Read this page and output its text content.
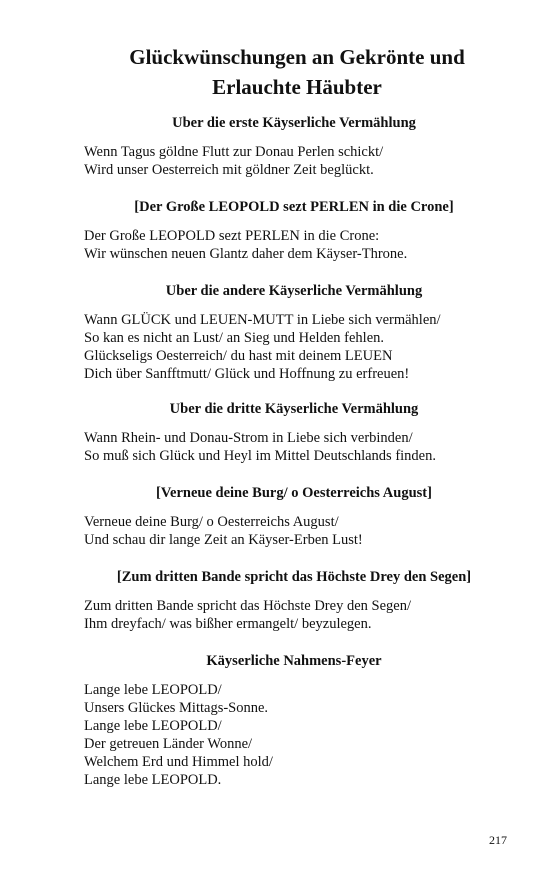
Glückwünschungen an Gekrönte und Erlauchte Häubter
Uber die erste Käyserliche Vermählung
Wenn Tagus göldne Flutt zur Donau Perlen schickt/
Wird unser Oesterreich mit göldner Zeit beglückt.
[Der Große LEOPOLD sezt PERLEN in die Crone]
Der Große LEOPOLD sezt PERLEN in die Crone:
Wir wünschen neuen Glantz daher dem Käyser-Throne.
Uber die andere Käyserliche Vermählung
Wann GLÜCK und LEUEN-MUTT in Liebe sich vermählen/
So kan es nicht an Lust/ an Sieg und Helden fehlen.
Glückseligs Oesterreich/ du hast mit deinem LEUEN
Dich über Sanfftmutt/ Glück und Hoffnung zu erfreuen!
Uber die dritte Käyserliche Vermählung
Wann Rhein- und Donau-Strom in Liebe sich verbinden/
So muß sich Glück und Heyl im Mittel Deutschlands finden.
[Verneue deine Burg/ o Oesterreichs August]
Verneue deine Burg/ o Oesterreichs August/
Und schau dir lange Zeit an Käyser-Erben Lust!
[Zum dritten Bande spricht das Höchste Drey den Segen]
Zum dritten Bande spricht das Höchste Drey den Segen/
Ihm dreyfach/ was bißher ermangelt/ beyzulegen.
Käyserliche Nahmens-Feyer
Lange lebe LEOPOLD/
Unsers Glückes Mittags-Sonne.
Lange lebe LEOPOLD/
Der getreuen Länder Wonne/
Welchem Erd und Himmel hold/
Lange lebe LEOPOLD.
217
